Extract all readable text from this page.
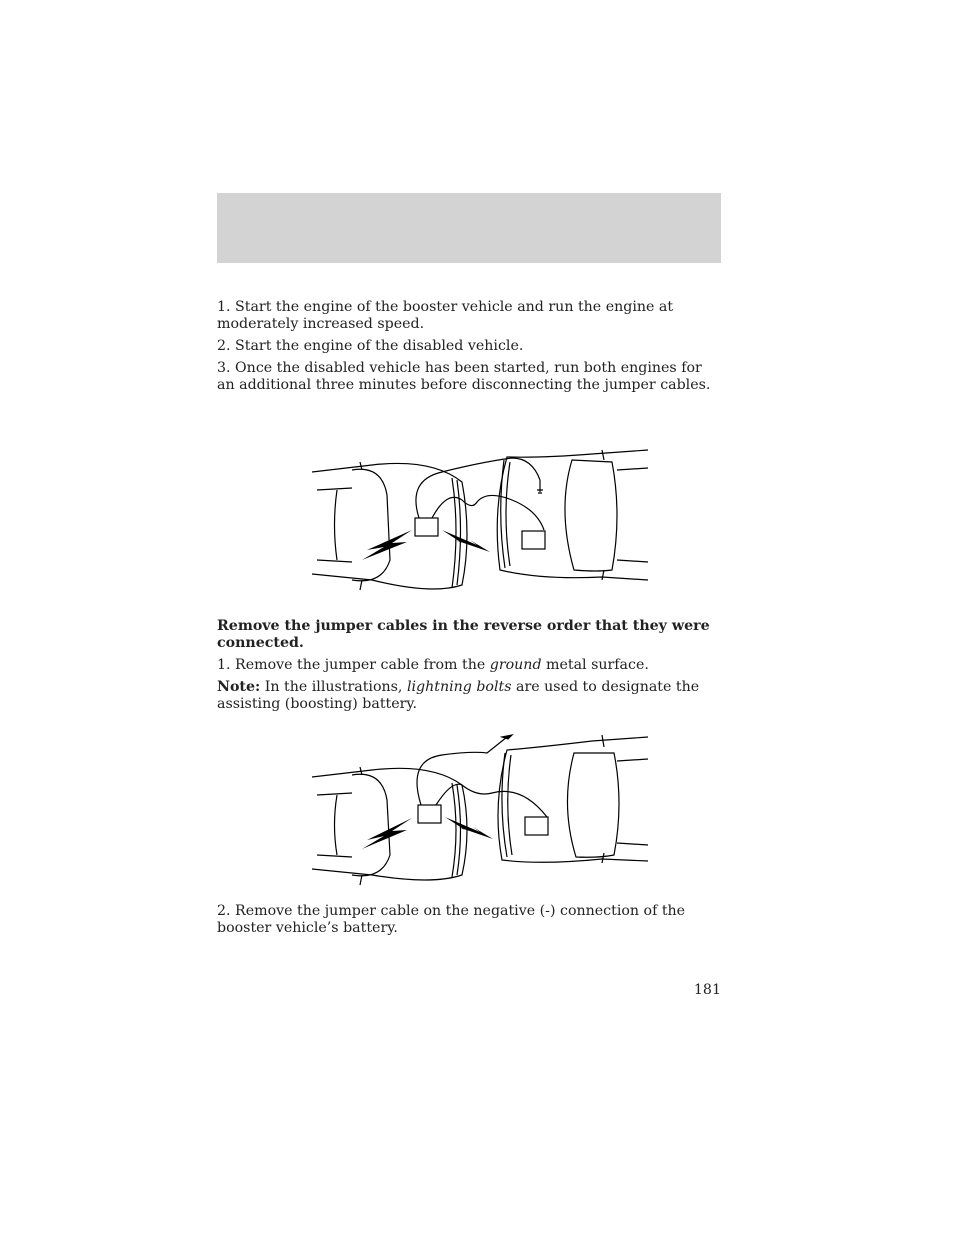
1. Start the engine of the booster vehicle and run the engine at moderately increased speed.

2. Start the engine of the disabled vehicle.

3. Once the disabled vehicle has been started, run both engines for an additional three minutes before disconnecting the jumper cables.

Remove the jumper cables in the reverse order that they were connected.

1. Remove the jumper cable from the ground metal surface.

Note: In the illustrations, lightning bolts are used to designate the assisting (boosting) battery.

2. Remove the jumper cable on the negative (-) connection of the booster vehicle’s battery.

181
